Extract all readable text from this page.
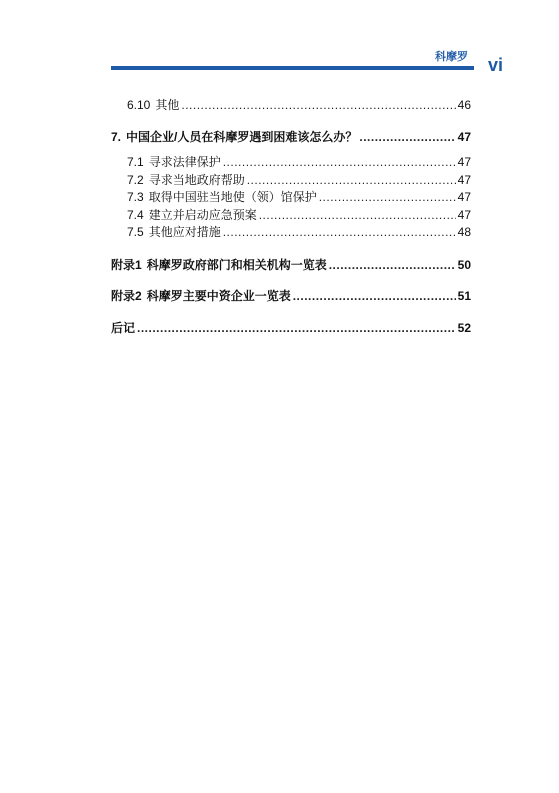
科摩罗 vi
6.10 其他 .....	46
7. 中国企业/人员在科摩罗遇到困难该怎么办？ .....	47
7.1 寻求法律保护 .....	47
7.2 寻求当地政府帮助 .....	47
7.3 取得中国驻当地使（领）馆保护 .....	47
7.4 建立并启动应急预案 .....	47
7.5 其他应对措施 .....	48
附录1 科摩罗政府部门和相关机构一览表 .....	50
附录2 科摩罗主要中资企业一览表 .....	51
后记 .....	52
